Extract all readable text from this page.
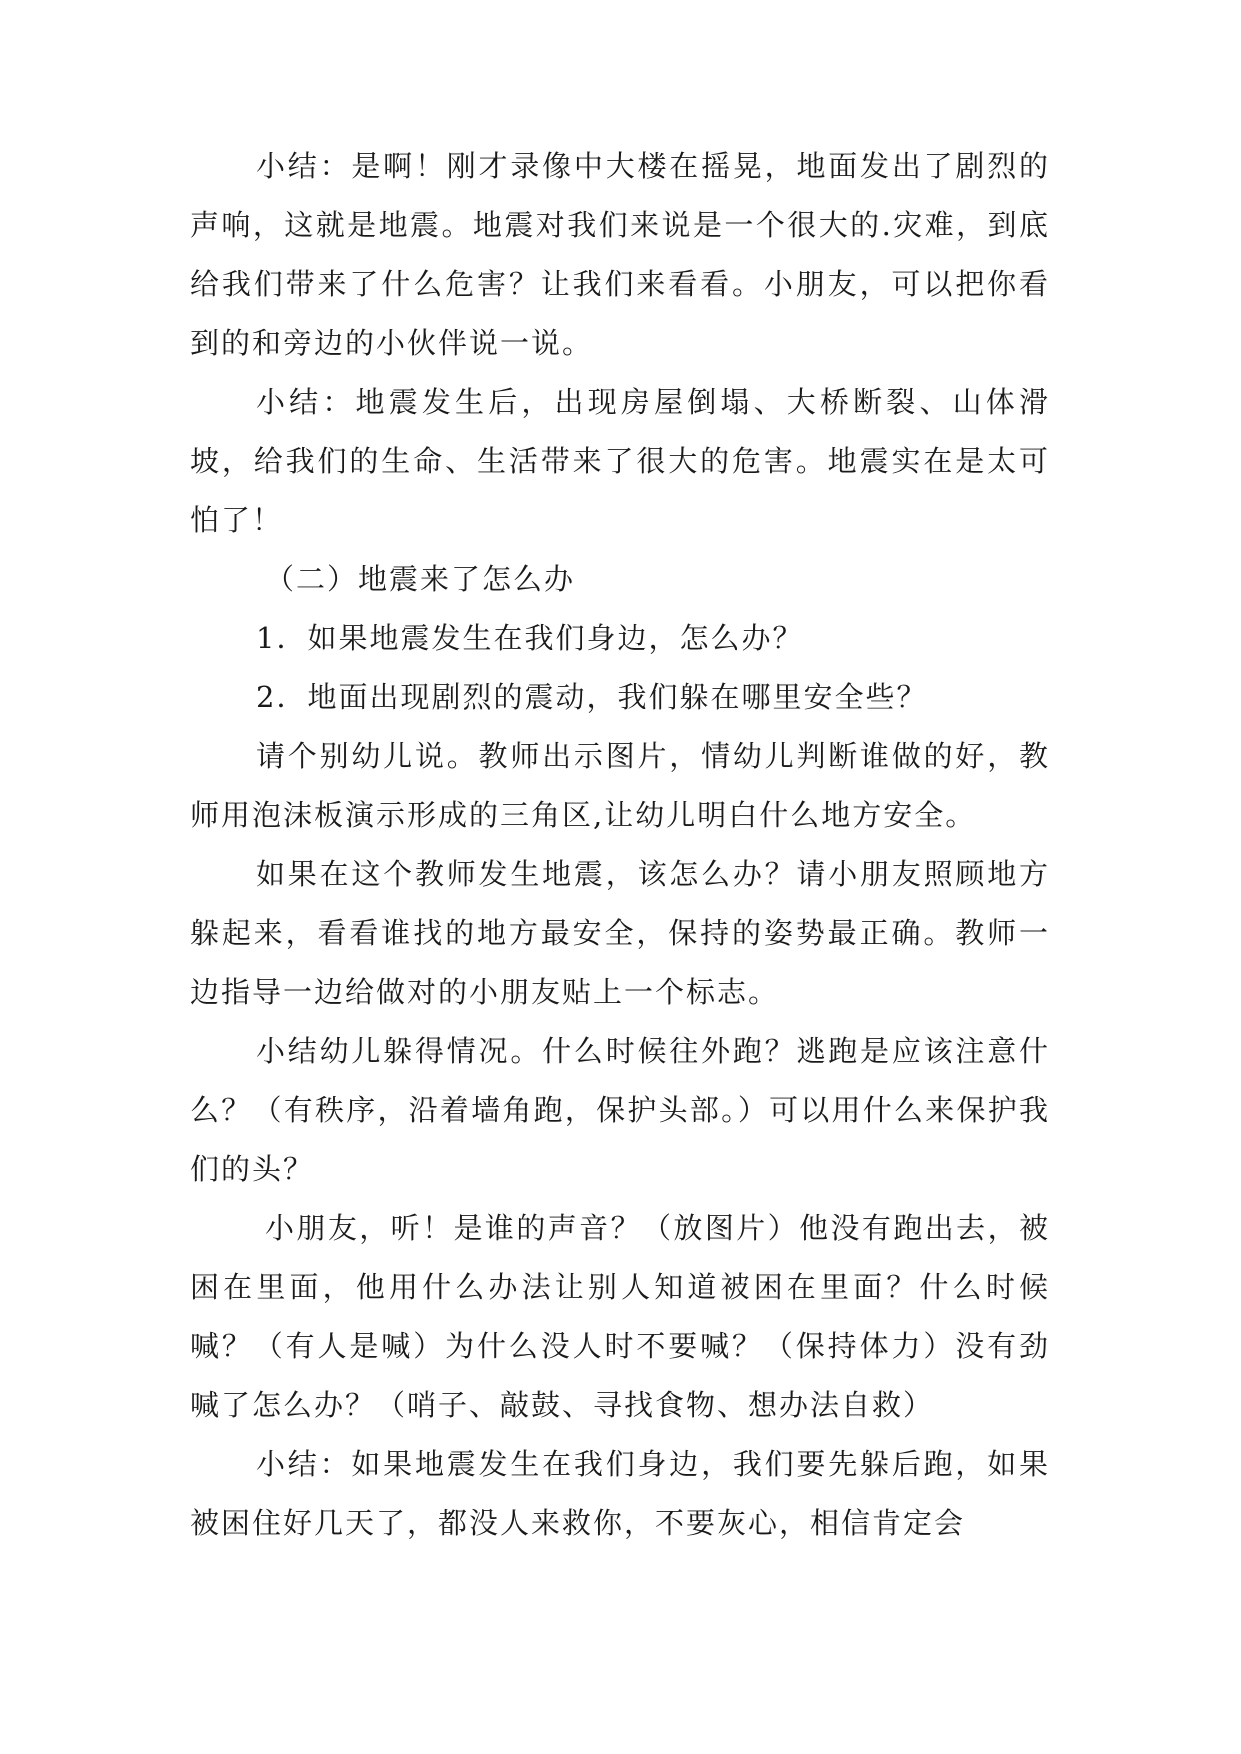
小结：是啊！刚才录像中大楼在摇晃，地面发出了剧烈的声响，这就是地震。地震对我们来说是一个很大的.灾难，到底给我们带来了什么危害？让我们来看看。小朋友，可以把你看到的和旁边的小伙伴说一说。

小结：地震发生后，出现房屋倒塌、大桥断裂、山体滑坡，给我们的生命、生活带来了很大的危害。地震实在是太可怕了！

（二）地震来了怎么办

1．如果地震发生在我们身边，怎么办？

2．地面出现剧烈的震动，我们躲在哪里安全些？

请个别幼儿说。教师出示图片，情幼儿判断谁做的好，教师用泡沫板演示形成的三角区,让幼儿明白什么地方安全。

如果在这个教师发生地震，该怎么办？请小朋友照顾地方躲起来，看看谁找的地方最安全，保持的姿势最正确。教师一边指导一边给做对的小朋友贴上一个标志。

小结幼儿躲得情况。什么时候往外跑？逃跑是应该注意什么？（有秩序，沿着墙角跑，保护头部。）可以用什么来保护我们的头？

小朋友，听！是谁的声音？（放图片）他没有跑出去，被困在里面，他用什么办法让别人知道被困在里面？什么时候喊？（有人是喊）为什么没人时不要喊？（保持体力）没有劲喊了怎么办？（哨子、敲鼓、寻找食物、想办法自救）

小结：如果地震发生在我们身边，我们要先躲后跑，如果被困住好几天了，都没人来救你，不要灰心，相信肯定会
